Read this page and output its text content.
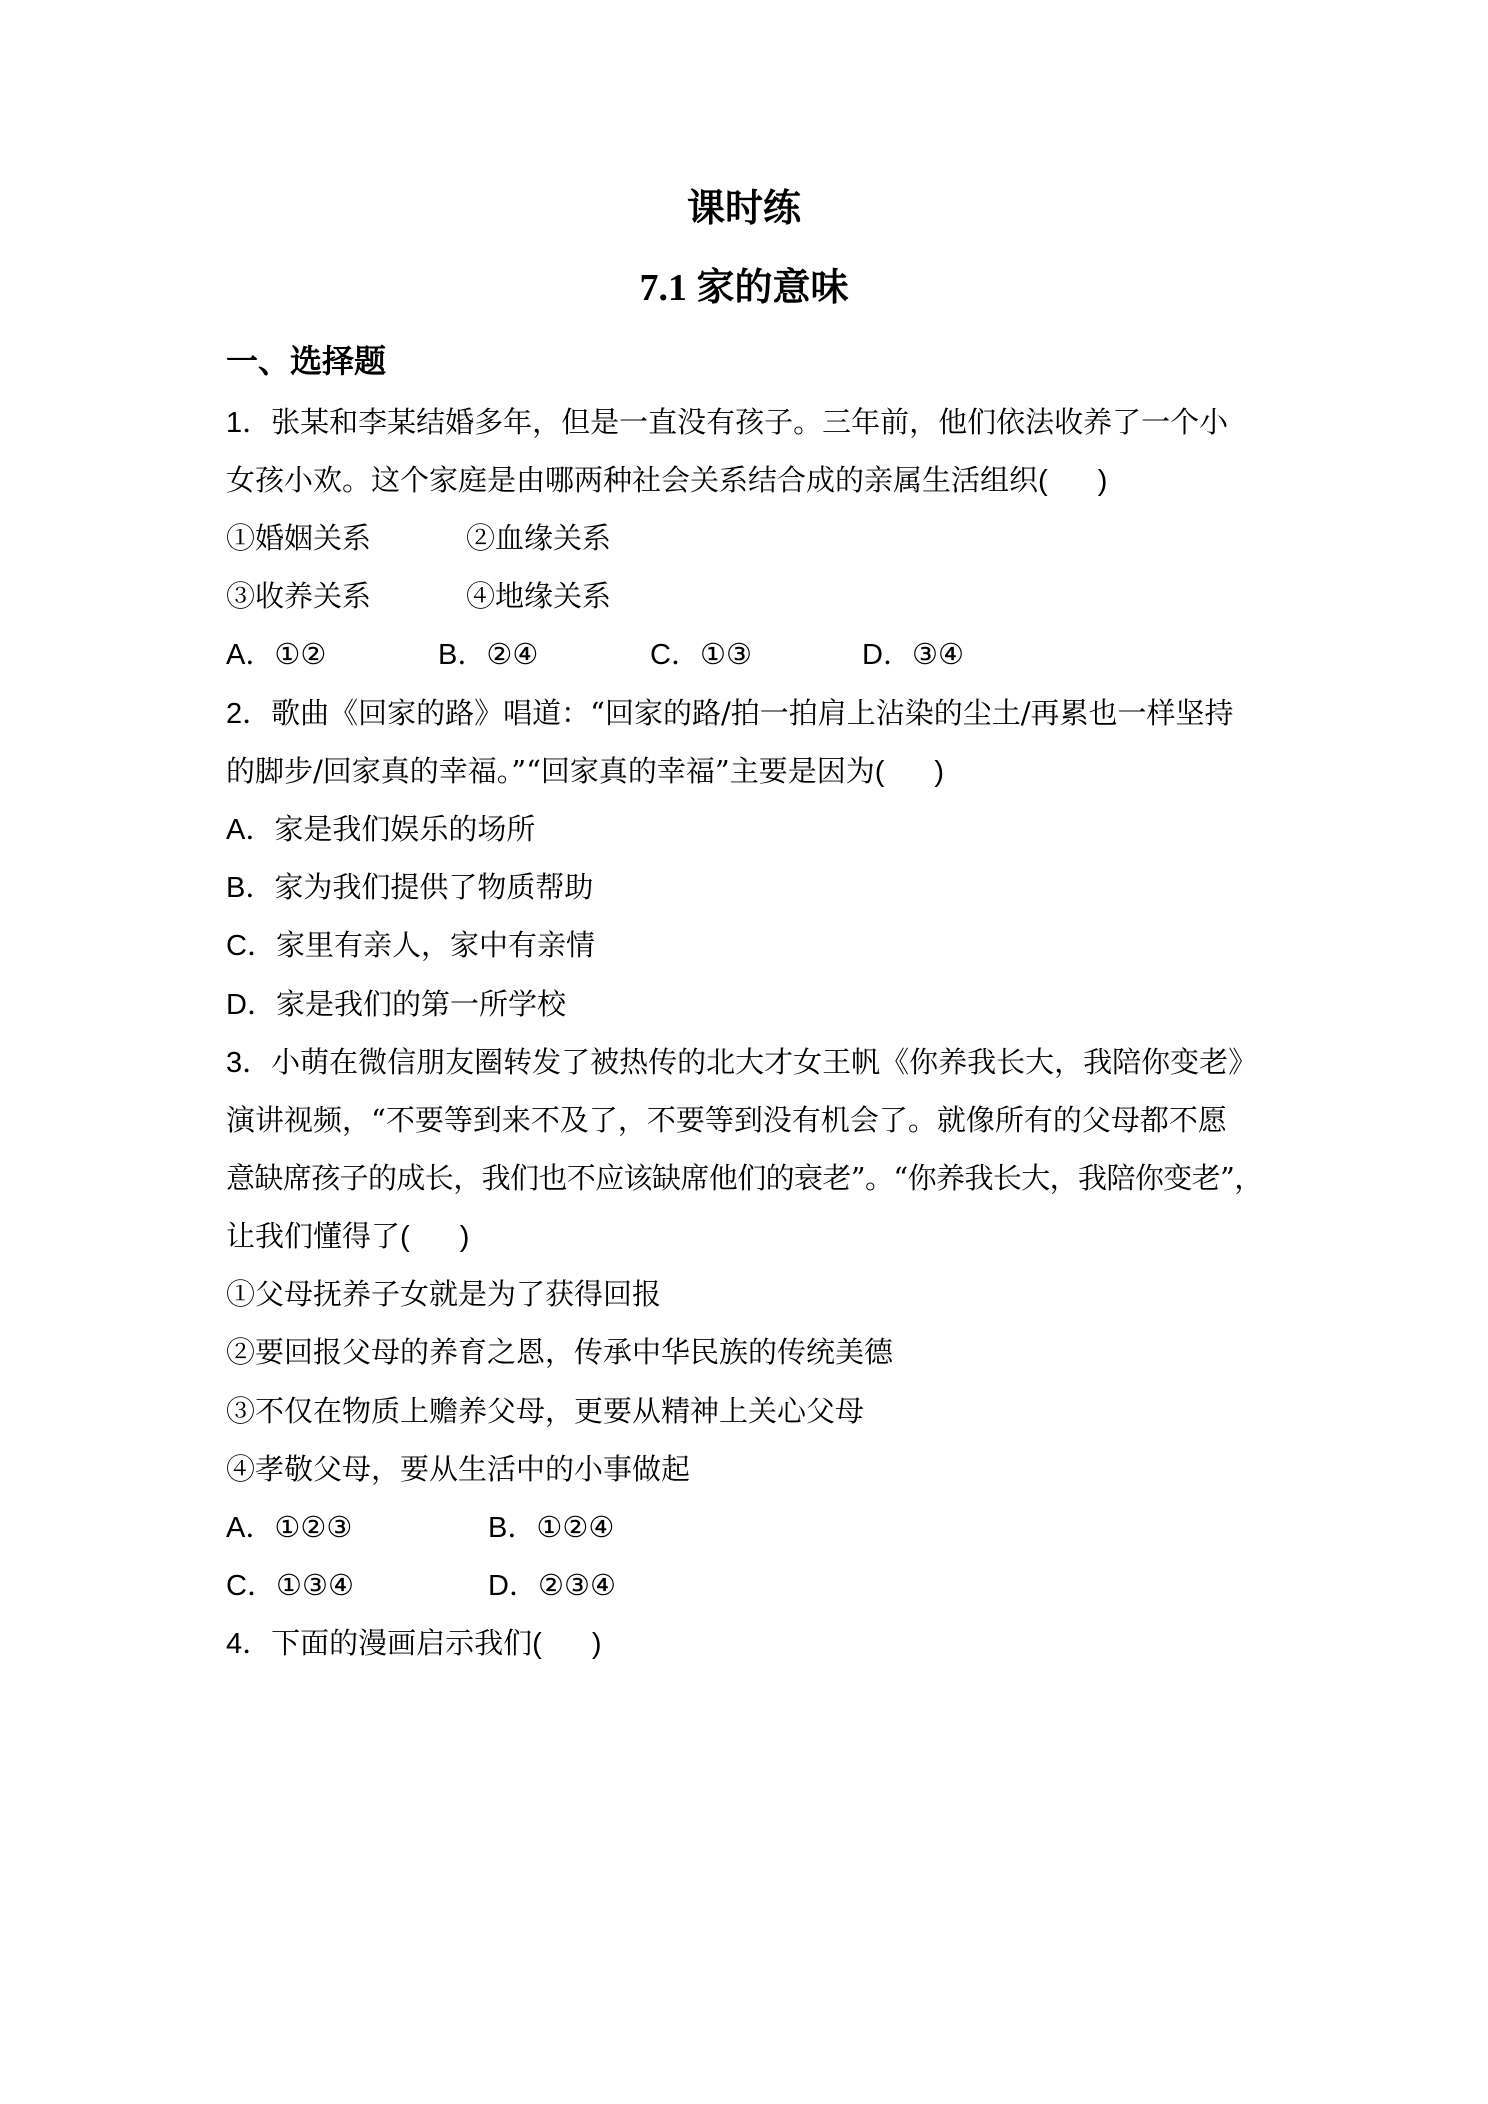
课时练
7.1 家的意味
一、选择题
1．张某和李某结婚多年，但是一直没有孩子。三年前，他们依法收养了一个小
女孩小欢。这个家庭是由哪两种社会关系结合成的亲属生活组织( )
①婚姻关系	②血缘关系
③收养关系	④地缘关系
A．①②	B．②④	C．①③	D．③④
2．歌曲《回家的路》唱道：“回家的路/拍一拍肩上沾染的尘土/再累也一样坚持
的脚步/回家真的幸福。”“回家真的幸福”主要是因为( )
A．家是我们娱乐的场所
B．家为我们提供了物质帮助
C．家里有亲人，家中有亲情
D．家是我们的第一所学校
3．小萌在微信朋友圈转发了被热传的北大才女王帆《你养我长大，我陪你变老》
演讲视频，“不要等到来不及了，不要等到没有机会了。就像所有的父母都不愿
意缺席孩子的成长，我们也不应该缺席他们的衰老”。“你养我长大，我陪你变老”，
让我们懂得了( )
①父母抚养子女就是为了获得回报
②要回报父母的养育之恩，传承中华民族的传统美德
③不仅在物质上赡养父母，更要从精神上关心父母
④孝敬父母，要从生活中的小事做起
A．①②③	B．①②④
C．①③④	D．②③④
4．下面的漫画启示我们( )
